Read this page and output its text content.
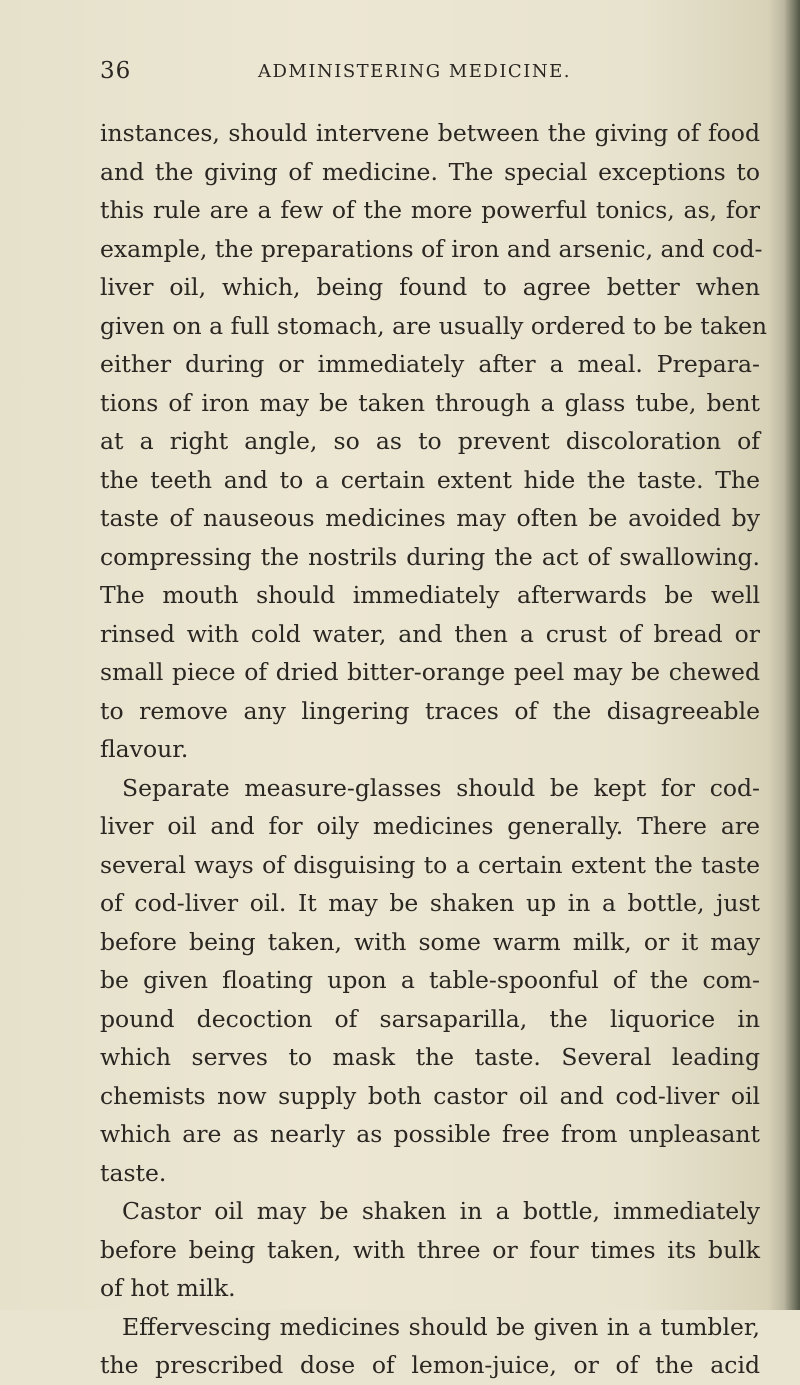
36	ADMINISTERING MEDICINE.
instances, should intervene between the giving of food
and the giving of medicine. The special exceptions to
this rule are a few of the more powerful tonics, as, for
example, the preparations of iron and arsenic, and cod-
liver oil, which, being found to agree better when
given on a full stomach, are usually ordered to be taken
either during or immediately after a meal. Prepara-
tions of iron may be taken through a glass tube, bent
at a right angle, so as to prevent discoloration of
the teeth and to a certain extent hide the taste. The
taste of nauseous medicines may often be avoided by
compressing the nostrils during the act of swallowing.
The mouth should immediately afterwards be well
rinsed with cold water, and then a crust of bread or
small piece of dried bitter-orange peel may be chewed
to remove any lingering traces of the disagreeable
flavour.
Separate measure-glasses should be kept for cod-
liver oil and for oily medicines generally. There are
several ways of disguising to a certain extent the taste
of cod-liver oil. It may be shaken up in a bottle, just
before being taken, with some warm milk, or it may
be given floating upon a table-spoonful of the com-
pound decoction of sarsaparilla, the liquorice in
which serves to mask the taste. Several leading
chemists now supply both castor oil and cod-liver oil
which are as nearly as possible free from unpleasant
taste.
Castor oil may be shaken in a bottle, immediately
before being taken, with three or four times its bulk
of hot milk.
Effervescing medicines should be given in a tumbler,
the prescribed dose of lemon-juice, or of the acid
